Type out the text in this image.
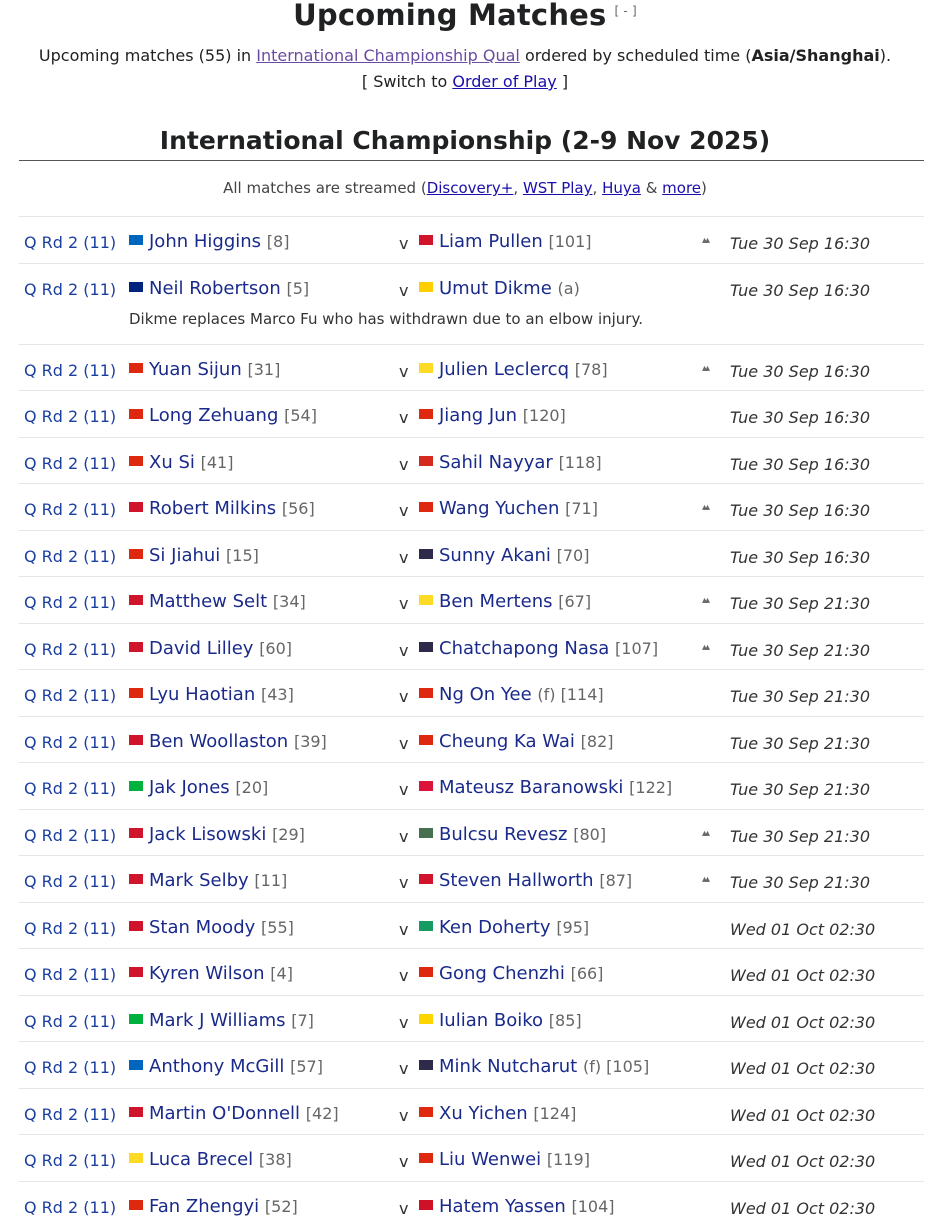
Upcoming Matches [ - ]
Upcoming matches (55) in International Championship Qual ordered by scheduled time (Asia/Shanghai).
[ Switch to Order of Play ]
International Championship (2-9 Nov 2025)
All matches are streamed (Discovery+, WST Play, Huya & more)
Q Rd 2 (11)	John Higgins [8]	v	Liam Pullen [101]	▴▴ Tue 30 Sep 16:30
Q Rd 2 (11)	Neil Robertson [5]	v	Umut Dikme (a)	Tue 30 Sep 16:30
Dikme replaces Marco Fu who has withdrawn due to an elbow injury.
Q Rd 2 (11)	Yuan Sijun [31]	v	Julien Leclercq [78]	▴▴ Tue 30 Sep 16:30
Q Rd 2 (11)	Long Zehuang [54]	v	Jiang Jun [120]	Tue 30 Sep 16:30
Q Rd 2 (11)	Xu Si [41]	v	Sahil Nayyar [118]	Tue 30 Sep 16:30
Q Rd 2 (11)	Robert Milkins [56]	v	Wang Yuchen [71]	▴▴ Tue 30 Sep 16:30
Q Rd 2 (11)	Si Jiahui [15]	v	Sunny Akani [70]	Tue 30 Sep 16:30
Q Rd 2 (11)	Matthew Selt [34]	v	Ben Mertens [67]	▴▴ Tue 30 Sep 21:30
Q Rd 2 (11)	David Lilley [60]	v	Chatchapong Nasa [107]	▴▴ Tue 30 Sep 21:30
Q Rd 2 (11)	Lyu Haotian [43]	v	Ng On Yee (f) [114]	Tue 30 Sep 21:30
Q Rd 2 (11)	Ben Woollaston [39]	v	Cheung Ka Wai [82]	Tue 30 Sep 21:30
Q Rd 2 (11)	Jak Jones [20]	v	Mateusz Baranowski [122]	Tue 30 Sep 21:30
Q Rd 2 (11)	Jack Lisowski [29]	v	Bulcsu Revesz [80]	▴▴ Tue 30 Sep 21:30
Q Rd 2 (11)	Mark Selby [11]	v	Steven Hallworth [87]	▴▴ Tue 30 Sep 21:30
Q Rd 2 (11)	Stan Moody [55]	v	Ken Doherty [95]	Wed 01 Oct 02:30
Q Rd 2 (11)	Kyren Wilson [4]	v	Gong Chenzhi [66]	Wed 01 Oct 02:30
Q Rd 2 (11)	Mark J Williams [7]	v	Iulian Boiko [85]	Wed 01 Oct 02:30
Q Rd 2 (11)	Anthony McGill [57]	v	Mink Nutcharut (f) [105]	Wed 01 Oct 02:30
Q Rd 2 (11)	Martin O'Donnell [42]	v	Xu Yichen [124]	Wed 01 Oct 02:30
Q Rd 2 (11)	Luca Brecel [38]	v	Liu Wenwei [119]	Wed 01 Oct 02:30
Q Rd 2 (11)	Fan Zhengyi [52]	v	Hatem Yassen [104]	Wed 01 Oct 02:30
